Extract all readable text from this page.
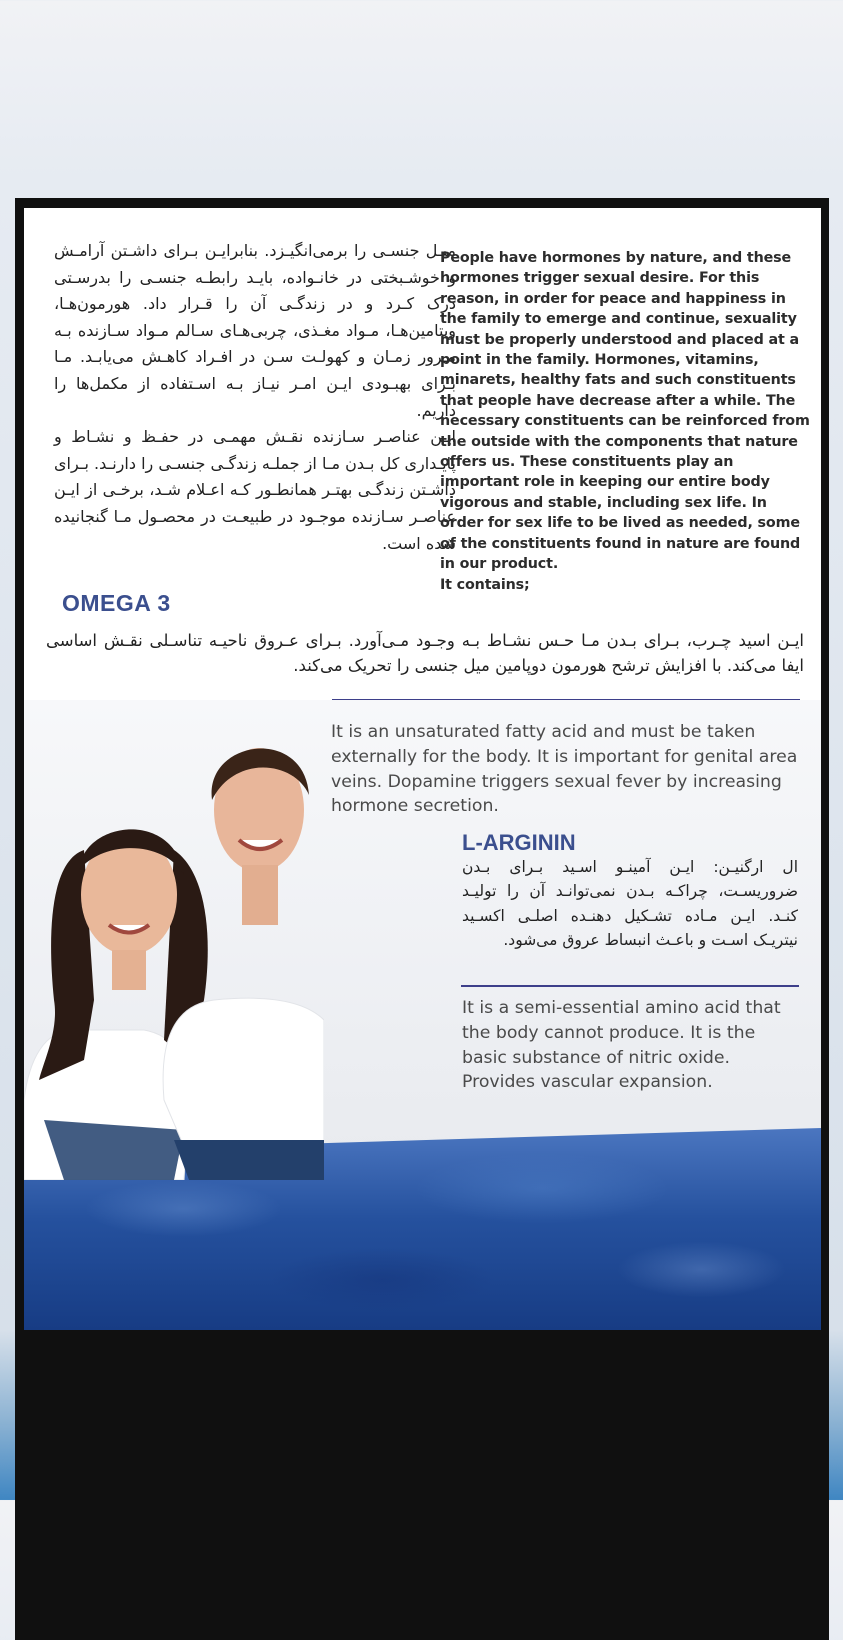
میـل جنسـی را برمی‌انگیـزد. بنابرایـن بـرای داشـتن آرامـش و خوشـبختی در خانـواده، بایـد رابطـه جنسـی را بدرسـتی درک کـرد و در زندگـی آن را قـرار داد. هورمون‌هـا، ویتامین‌هـا، مـواد مغـذی، چربی‌هـای سـالم مـواد سـازنده بـه مـرور زمـان و کهولـت سـن در افـراد کاهـش می‌یابـد. مـا بـرای بهبـودی ایـن امـر نیـاز بـه اسـتفاده از مکمل‌ها را داریم.

ایـن عناصـر سـازنده نقـش مهمـی در حفـظ و نشـاط و پایـداری کل بـدن مـا از جملـه زندگـی جنسـی را دارنـد. بـرای داشـتن زندگـی بهتـر همانطـور کـه اعـلام شـد، برخـی از ایـن عناصـر سـازنده موجـود در طبیعـت در محصـول مـا گنجانیده شده است.

People have hormones by nature, and these hormones trigger sexual desire. For this reason, in order for peace and happiness in the family to emerge and continue, sexuality must be properly understood and placed at a point in the family. Hormones, vitamins, minarets, healthy fats and such constituents that people have decrease after a while. The necessary constituents can be reinforced from the outside with the components that nature offers us. These constituents play an important role in keeping our entire body vigorous and stable, including sex life. In order for sex life to be lived as needed, some of the constituents found in nature are found in our product.

It contains;

OMEGA 3
ایـن اسید چـرب، بـرای بـدن مـا حـس نشـاط بـه وجـود مـی‌آورد. بـرای عـروق ناحیـه تناسـلی نقـش اساسی ایفا می‌کند. با افزایش ترشح هورمون دوپامین میل جنسی را تحریک می‌کند.
It is an unsaturated fatty acid and must be taken externally for the body. It is important for genital area veins. Dopamine triggers sexual fever by increasing hormone secretion.
L-ARGININ
ال ارگنیـن: ایـن آمینـو اسـید بـرای بـدن ضروریسـت، چراکـه بـدن نمی‌توانـد آن را تولیـد کنـد. ایـن مـاده تشـکیل دهنـده اصلـی اکسـید نیتریـک اسـت و باعـث انبساط عروق می‌شود.
It is a semi-essential amino acid that the body cannot produce. It is the basic substance of nitric oxide. Provides vascular expansion.
